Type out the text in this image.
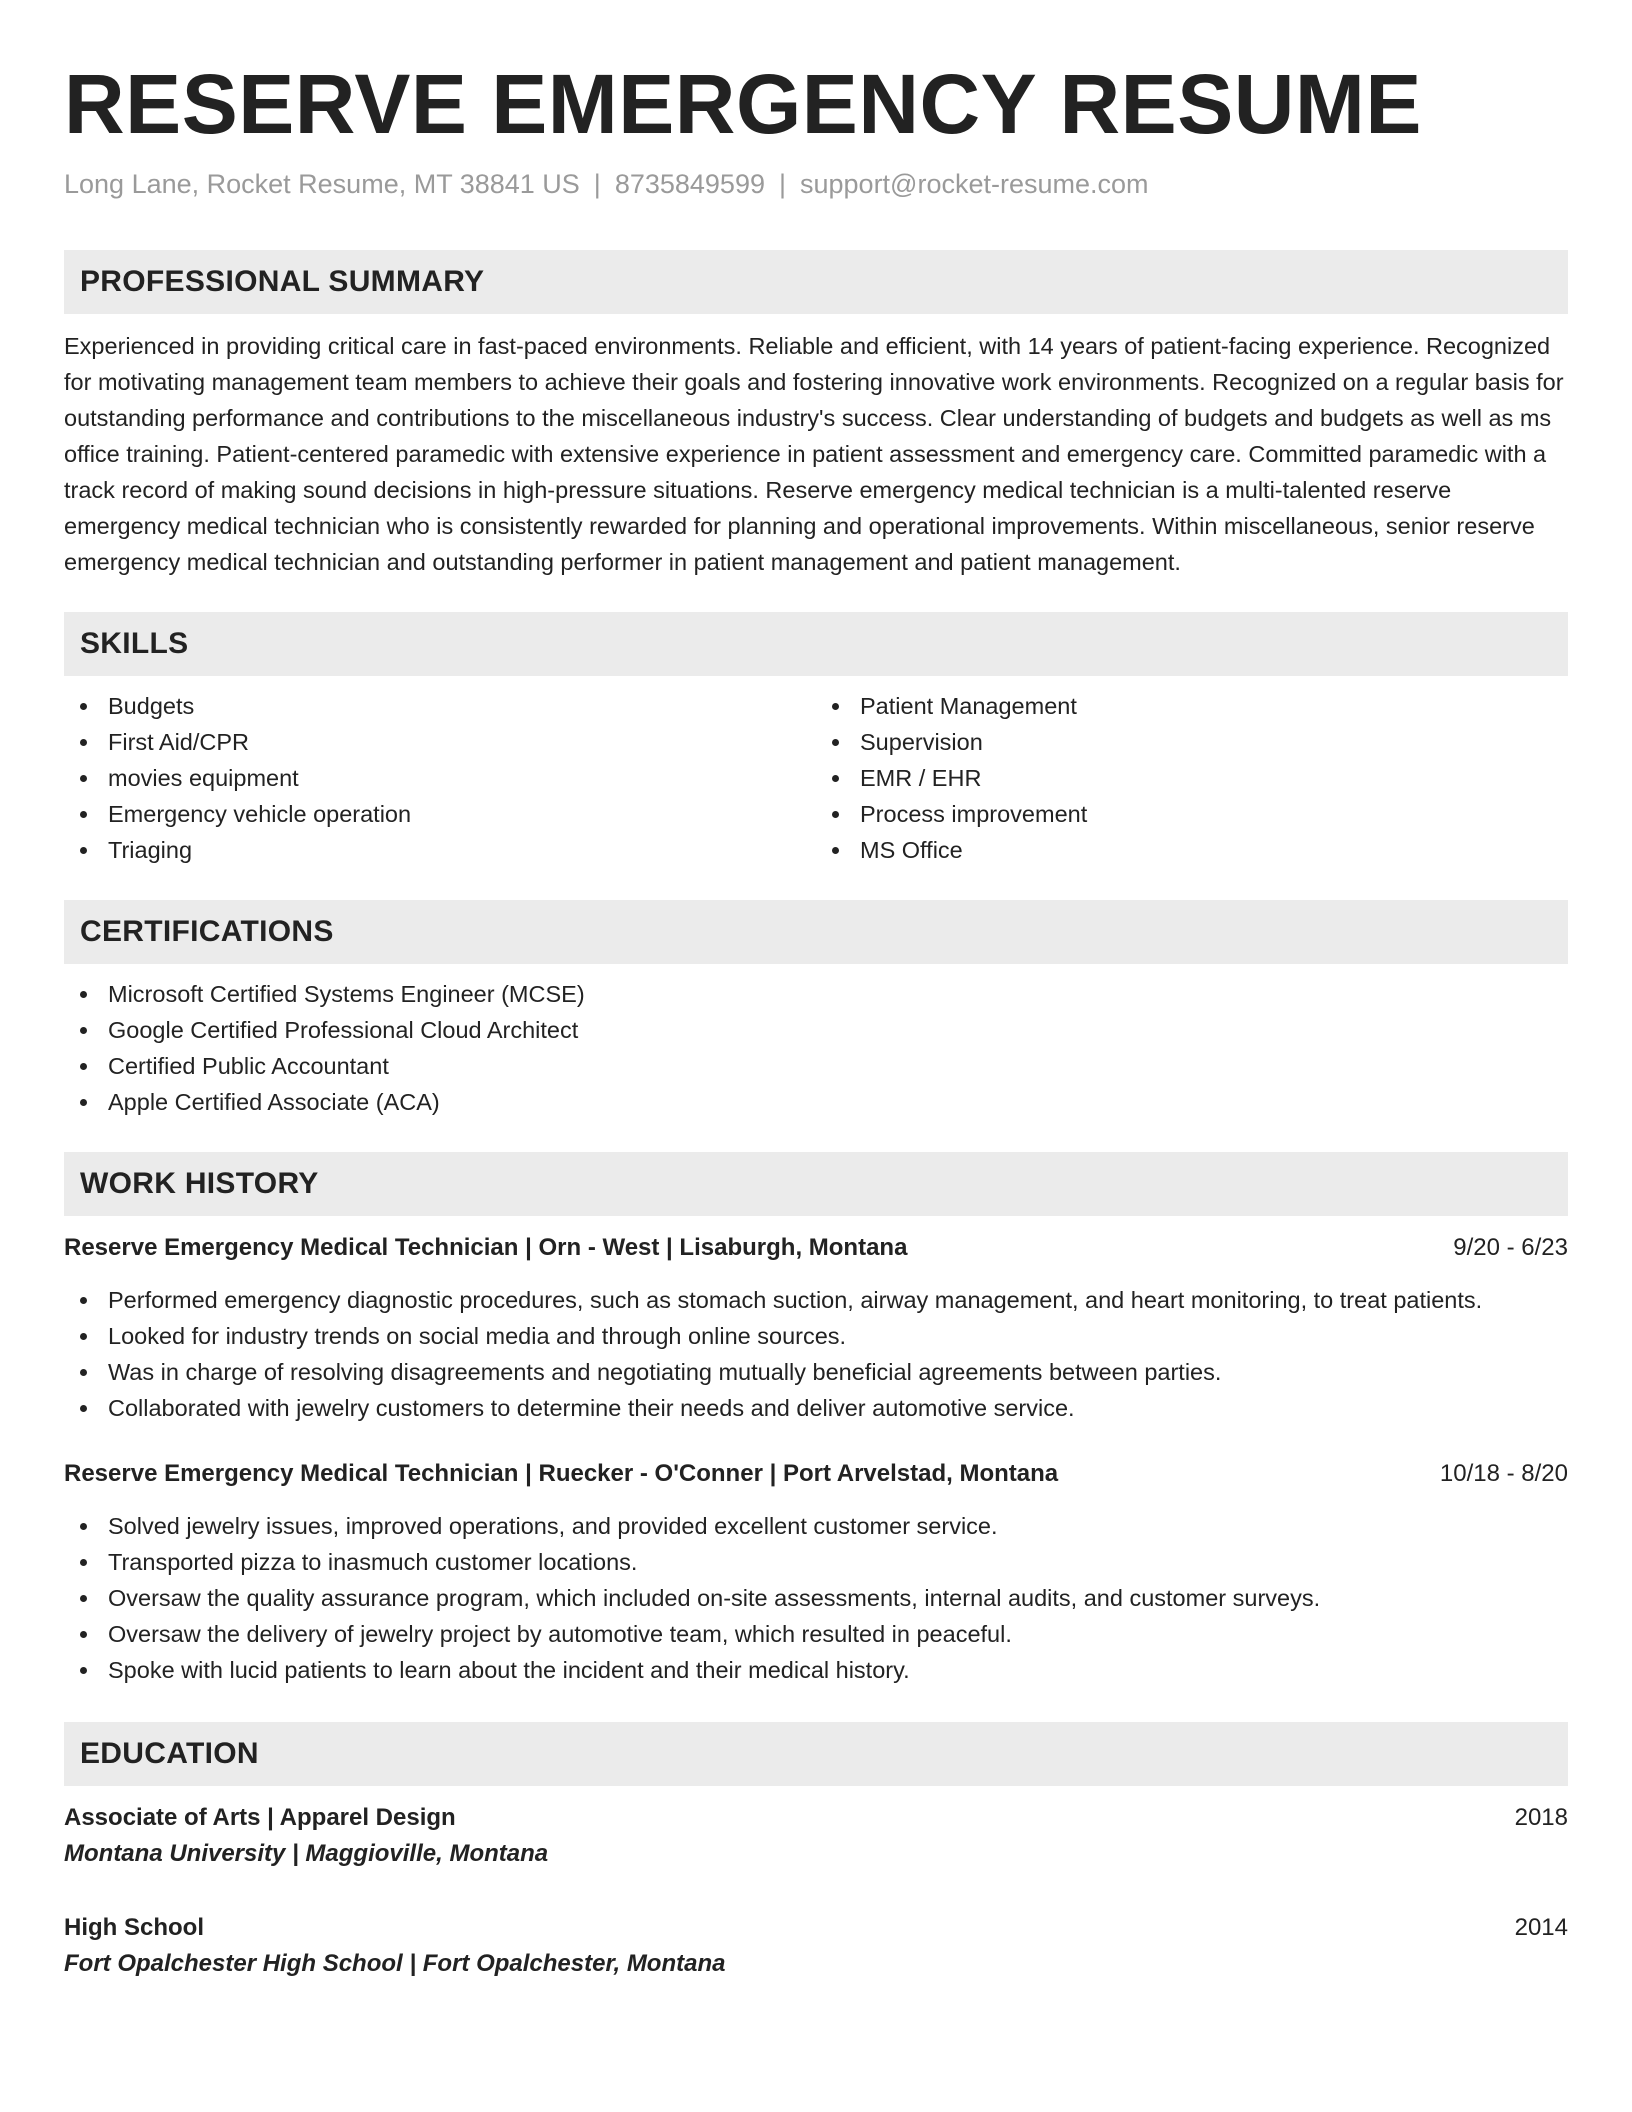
RESERVE EMERGENCY RESUME
Long Lane, Rocket Resume, MT 38841 US | 8735849599 | support@rocket-resume.com
PROFESSIONAL SUMMARY

Experienced in providing critical care in fast-paced environments. Reliable and efficient, with 14 years of patient-facing experience. Recognized for motivating management team members to achieve their goals and fostering innovative work environments. Recognized on a regular basis for outstanding performance and contributions to the miscellaneous industry's success. Clear understanding of budgets and budgets as well as ms office training. Patient-centered paramedic with extensive experience in patient assessment and emergency care. Committed paramedic with a track record of making sound decisions in high-pressure situations. Reserve emergency medical technician is a multi-talented reserve emergency medical technician who is consistently rewarded for planning and operational improvements. Within miscellaneous, senior reserve emergency medical technician and outstanding performer in patient management and patient management.

SKILLS
Budgets
First Aid/CPR
movies equipment
Emergency vehicle operation
Triaging
Patient Management
Supervision
EMR / EHR
Process improvement
MS Office
CERTIFICATIONS
Microsoft Certified Systems Engineer (MCSE)
Google Certified Professional Cloud Architect
Certified Public Accountant
Apple Certified Associate (ACA)
WORK HISTORY
Reserve Emergency Medical Technician | Orn - West | Lisaburgh, Montana	9/20 - 6/23
Performed emergency diagnostic procedures, such as stomach suction, airway management, and heart monitoring, to treat patients.
Looked for industry trends on social media and through online sources.
Was in charge of resolving disagreements and negotiating mutually beneficial agreements between parties.
Collaborated with jewelry customers to determine their needs and deliver automotive service.
Reserve Emergency Medical Technician | Ruecker - O'Conner | Port Arvelstad, Montana	10/18 - 8/20
Solved jewelry issues, improved operations, and provided excellent customer service.
Transported pizza to inasmuch customer locations.
Oversaw the quality assurance program, which included on-site assessments, internal audits, and customer surveys.
Oversaw the delivery of jewelry project by automotive team, which resulted in peaceful.
Spoke with lucid patients to learn about the incident and their medical history.
EDUCATION
Associate of Arts | Apparel Design	2018
Montana University | Maggioville, Montana
High School	2014
Fort Opalchester High School | Fort Opalchester, Montana
